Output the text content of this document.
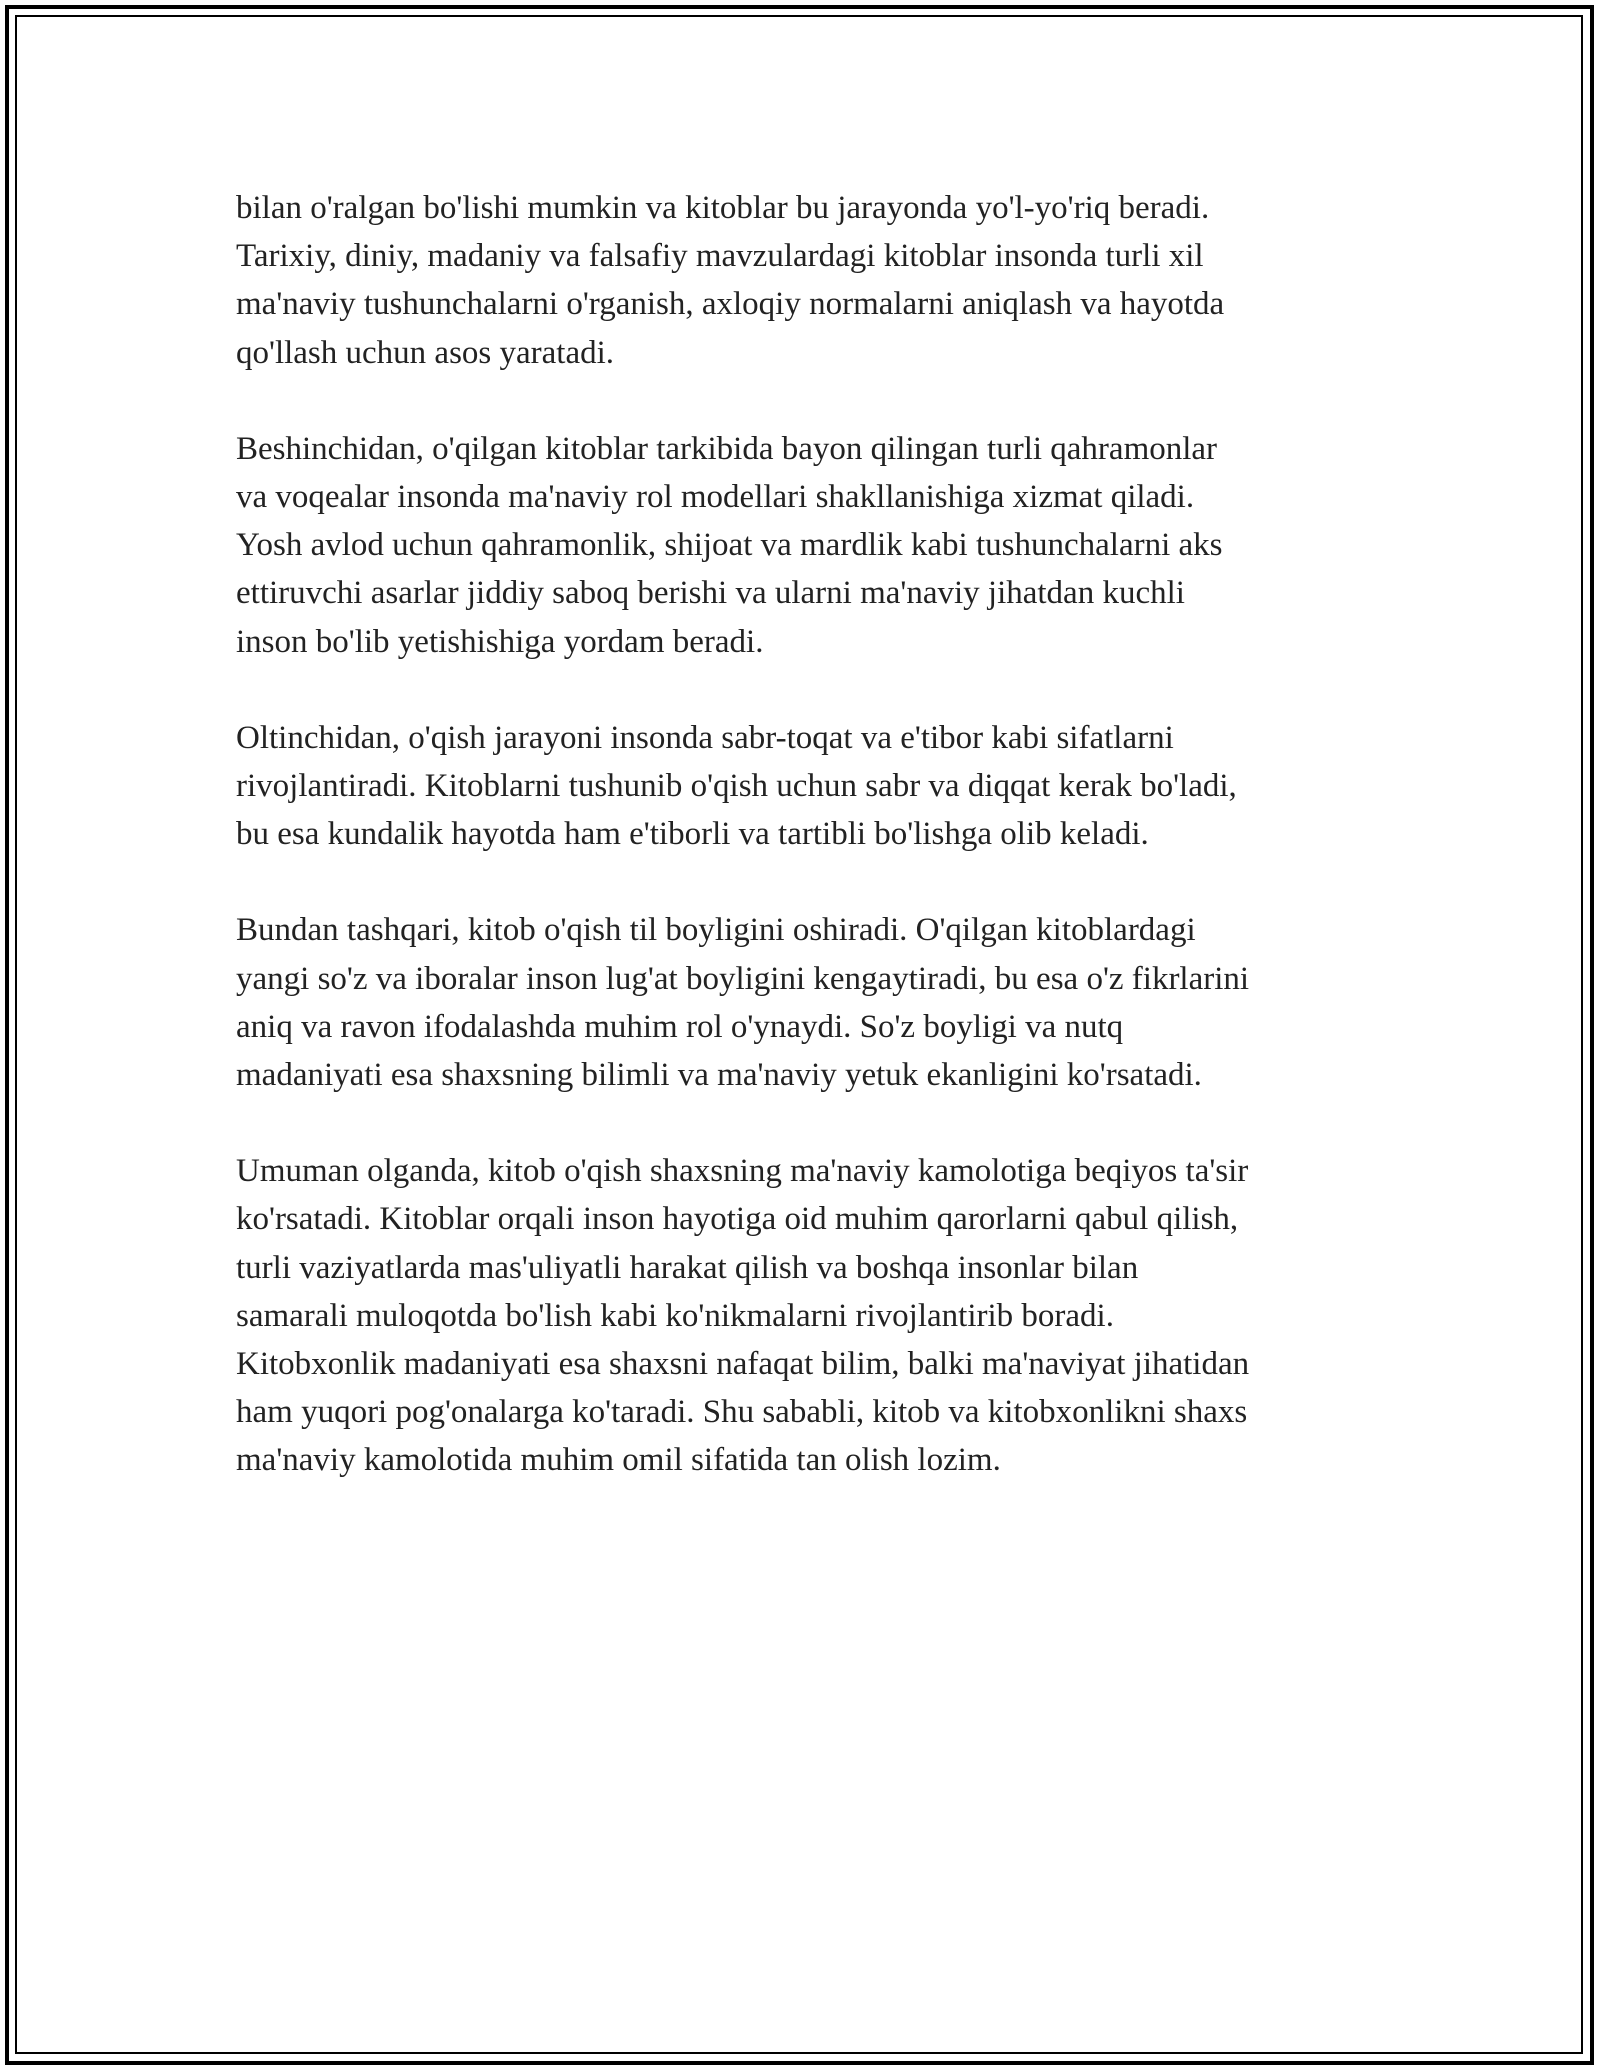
bilan o'ralgan bo'lishi mumkin va kitoblar bu jarayonda yo'l-yo'riq beradi.
Tarixiy, diniy, madaniy va falsafiy mavzulardagi kitoblar insonda turli xil
ma'naviy tushunchalarni o'rganish, axloqiy normalarni aniqlash va hayotda
qo'llash uchun asos yaratadi.

Beshinchidan, o'qilgan kitoblar tarkibida bayon qilingan turli qahramonlar
va voqealar insonda ma'naviy rol modellari shakllanishiga xizmat qiladi.
Yosh avlod uchun qahramonlik, shijoat va mardlik kabi tushunchalarni aks
ettiruvchi asarlar jiddiy saboq berishi va ularni ma'naviy jihatdan kuchli
inson bo'lib yetishishiga yordam beradi.

Oltinchidan, o'qish jarayoni insonda sabr-toqat va e'tibor kabi sifatlarni
rivojlantiradi. Kitoblarni tushunib o'qish uchun sabr va diqqat kerak bo'ladi,
bu esa kundalik hayotda ham e'tiborli va tartibli bo'lishga olib keladi.

Bundan tashqari, kitob o'qish til boyligini oshiradi. O'qilgan kitoblardagi
yangi so'z va iboralar inson lug'at boyligini kengaytiradi, bu esa o'z fikrlarini
aniq va ravon ifodalashda muhim rol o'ynaydi. So'z boyligi va nutq
madaniyati esa shaxsning bilimli va ma'naviy yetuk ekanligini ko'rsatadi.

Umuman olganda, kitob o'qish shaxsning ma'naviy kamolotiga beqiyos ta'sir
ko'rsatadi. Kitoblar orqali inson hayotiga oid muhim qarorlarni qabul qilish,
turli vaziyatlarda mas'uliyatli harakat qilish va boshqa insonlar bilan
samarali muloqotda bo'lish kabi ko'nikmalarni rivojlantirib boradi.
Kitobxonlik madaniyati esa shaxsni nafaqat bilim, balki ma'naviyat jihatidan
ham yuqori pog'onalarga ko'taradi. Shu sababli, kitob va kitobxonlikni shaxs
ma'naviy kamolotida muhim omil sifatida tan olish lozim.
